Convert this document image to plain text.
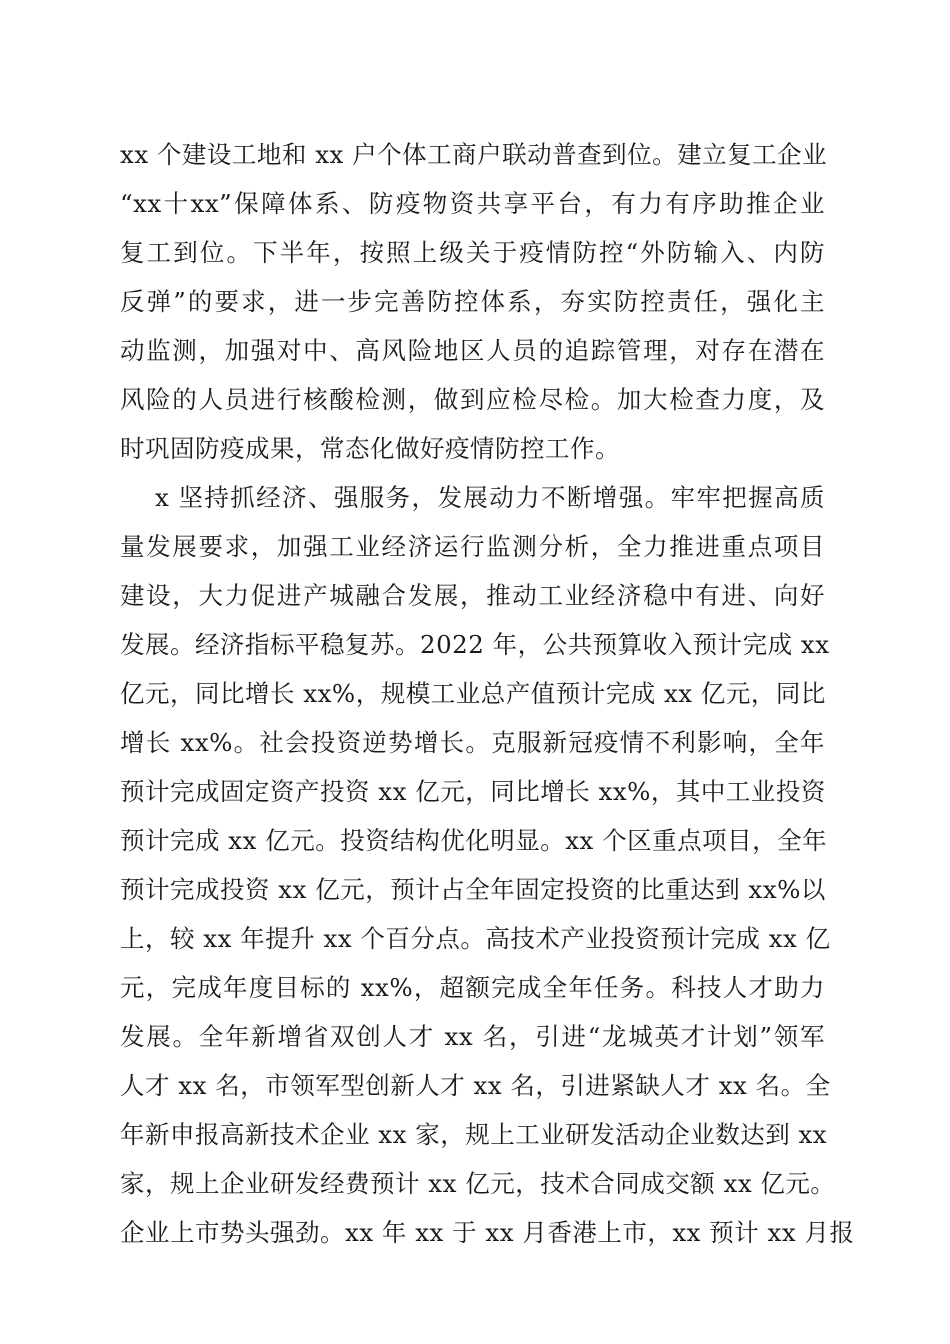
xx 个建设工地和 xx 户个体工商户联动普查到位。建立复工企业
“xx十xx”保障体系、防疫物资共享平台，有力有序助推企业
复工到位。下半年，按照上级关于疫情防控“外防输入、内防
反弹”的要求，进一步完善防控体系，夯实防控责任，强化主
动监测，加强对中、高风险地区人员的追踪管理，对存在潜在
风险的人员进行核酸检测，做到应检尽检。加大检查力度，及
时巩固防疫成果，常态化做好疫情防控工作。
x 坚持抓经济、强服务，发展动力不断增强。牢牢把握高质
量发展要求，加强工业经济运行监测分析，全力推进重点项目
建设，大力促进产城融合发展，推动工业经济稳中有进、向好
发展。经济指标平稳复苏。2022 年，公共预算收入预计完成 xx
亿元，同比增长 xx%，规模工业总产值预计完成 xx 亿元，同比
增长 xx%。社会投资逆势增长。克服新冠疫情不利影响，全年
预计完成固定资产投资 xx 亿元，同比增长 xx%，其中工业投资
预计完成 xx 亿元。投资结构优化明显。xx 个区重点项目，全年
预计完成投资 xx 亿元，预计占全年固定投资的比重达到 xx%以
上，较 xx 年提升 xx 个百分点。高技术产业投资预计完成 xx 亿
元，完成年度目标的 xx%，超额完成全年任务。科技人才助力
发展。全年新增省双创人才 xx 名，引进“龙城英才计划”领军
人才 xx 名，市领军型创新人才 xx 名，引进紧缺人才 xx 名。全
年新申报高新技术企业 xx 家，规上工业研发活动企业数达到 xx
家，规上企业研发经费预计 xx 亿元，技术合同成交额 xx 亿元。
企业上市势头强劲。xx 年 xx 于 xx 月香港上市，xx 预计 xx 月报
